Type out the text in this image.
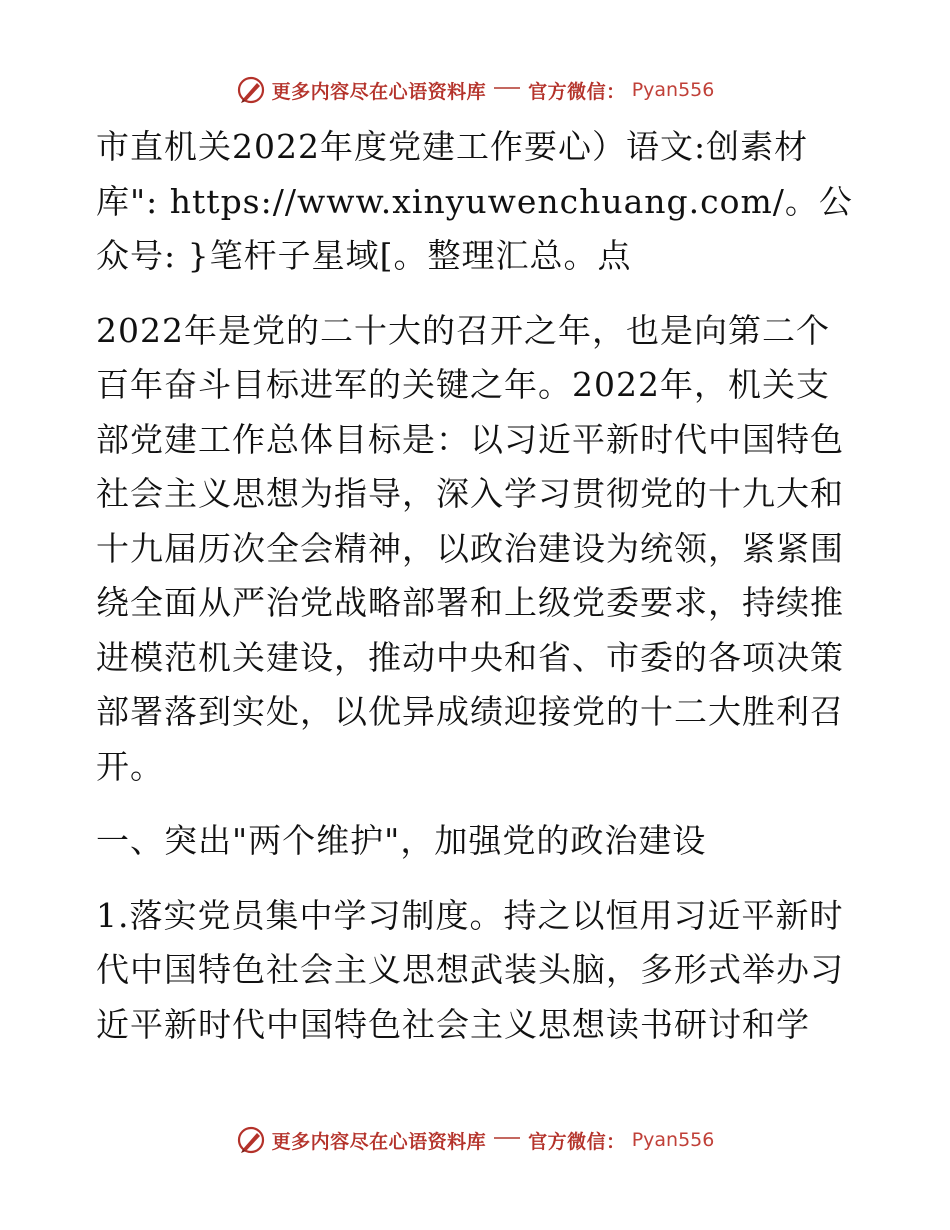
更多内容尽在心语资料库 官方微信： Pyan556

市直机关2022年度党建工作要心）语文:创素材库": https://www.xinyuwenchuang.com/。公众号: }笔杆子星域[。整理汇总。点

2022年是党的二十大的召开之年，也是向第二个百年奋斗目标进军的关键之年。2022年，机关支部党建工作总体目标是：以习近平新时代中国特色社会主义思想为指导，深入学习贯彻党的十九大和十九届历次全会精神，以政治建设为统领，紧紧围绕全面从严治党战略部署和上级党委要求，持续推进模范机关建设，推动中央和省、市委的各项决策部署落到实处，以优异成绩迎接党的十二大胜利召开。

一、突出"两个维护"，加强党的政治建设

1.落实党员集中学习制度。持之以恒用习近平新时代中国特色社会主义思想武装头脑，多形式举办习近平新时代中国特色社会主义思想读书研讨和学

更多内容尽在心语资料库 官方微信： Pyan556
